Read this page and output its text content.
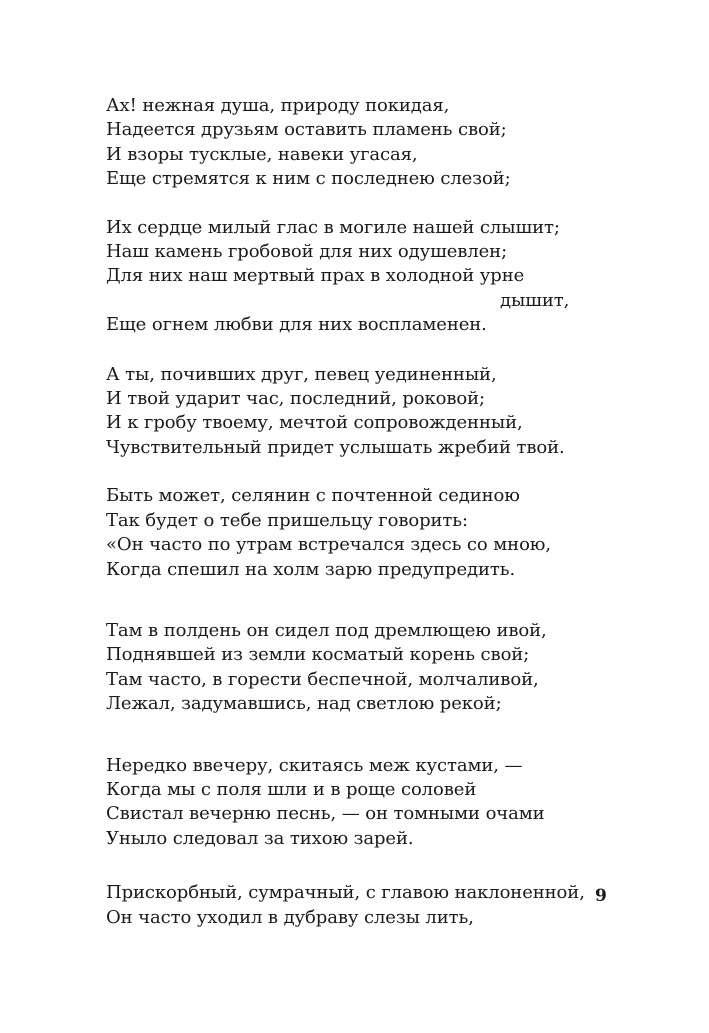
Ах! нежная душа, природу покидая,
Надеется друзьям оставить пламень свой;
И взоры тусклые, навеки угасая,
Еще стремятся к ним с последнею слезой;
Их сердце милый глас в могиле нашей слышит;
Наш камень гробовой для них одушевлен;
Для них наш мертвый прах в холодной урне
дышит,
Еще огнем любви для них воспламенен.
А ты, почивших друг, певец уединенный,
И твой ударит час, последний, роковой;
И к гробу твоему, мечтой сопровожденный,
Чувствительный придет услышать жребий твой.
Быть может, селянин с почтенной сединою
Так будет о тебе пришельцу говорить:
«Он часто по утрам встречался здесь со мною,
Когда спешил на холм зарю предупредить.
Там в полдень он сидел под дремлющею ивой,
Поднявшей из земли косматый корень свой;
Там часто, в горести беспечной, молчаливой,
Лежал, задумавшись, над светлою рекой;
Нередко ввечеру, скитаясь меж кустами, —
Когда мы с поля шли и в роще соловей
Свистал вечерню песнь, — он томными очами
Уныло следовал за тихою зарей.
Прискорбный, сумрачный, с главою наклоненной,
Он часто уходил в дубраву слезы лить,
9
